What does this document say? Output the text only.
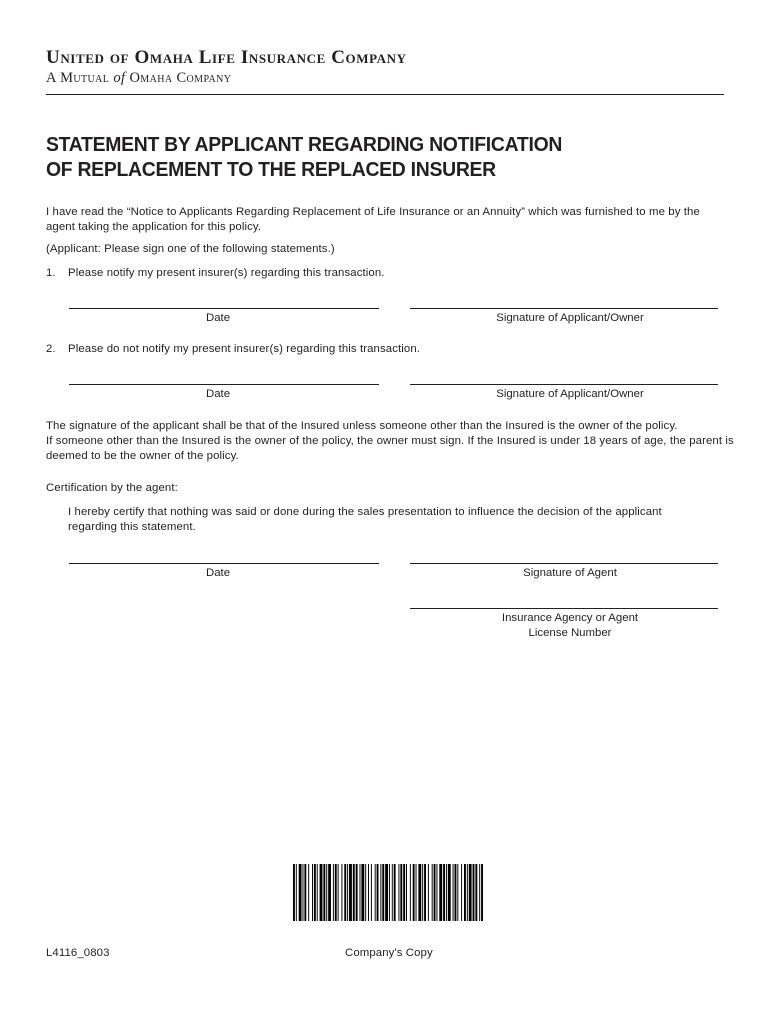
United of Omaha Life Insurance Company
A Mutual of Omaha Company
STATEMENT BY APPLICANT REGARDING NOTIFICATION
OF REPLACEMENT TO THE REPLACED INSURER
I have read the “Notice to Applicants Regarding Replacement of Life Insurance or an Annuity” which was furnished to me by the agent taking the application for this policy.
(Applicant: Please sign one of the following statements.)
1. Please notify my present insurer(s) regarding this transaction.
Date	Signature of Applicant/Owner
2. Please do not notify my present insurer(s) regarding this transaction.
Date	Signature of Applicant/Owner
The signature of the applicant shall be that of the Insured unless someone other than the Insured is the owner of the policy.
If someone other than the Insured is the owner of the policy, the owner must sign. If the Insured is under 18 years of age, the parent is deemed to be the owner of the policy.
Certification by the agent:
I hereby certify that nothing was said or done during the sales presentation to influence the decision of the applicant regarding this statement.
Date	Signature of Agent
Insurance Agency or Agent
License Number
L4116_0803	Company's Copy
